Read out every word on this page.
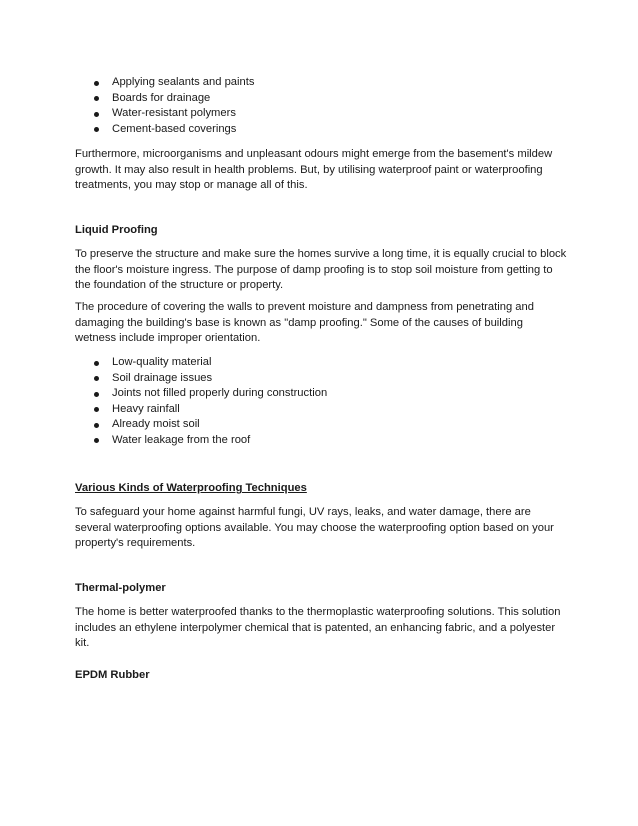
Applying sealants and paints
Boards for drainage
Water-resistant polymers
Cement-based coverings

Furthermore, microorganisms and unpleasant odours might emerge from the basement's mildew growth. It may also result in health problems. But, by utilising waterproof paint or waterproofing treatments, you may stop or manage all of this.

Liquid Proofing

To preserve the structure and make sure the homes survive a long time, it is equally crucial to block the floor's moisture ingress. The purpose of damp proofing is to stop soil moisture from getting to the foundation of the structure or property.

The procedure of covering the walls to prevent moisture and dampness from penetrating and damaging the building's base is known as "damp proofing." Some of the causes of building wetness include improper orientation.

Low-quality material
Soil drainage issues
Joints not filled properly during construction
Heavy rainfall
Already moist soil
Water leakage from the roof
Various Kinds of Waterproofing Techniques

To safeguard your home against harmful fungi, UV rays, leaks, and water damage, there are several waterproofing options available. You may choose the waterproofing option based on your property's requirements.

Thermal-polymer

The home is better waterproofed thanks to the thermoplastic waterproofing solutions. This solution includes an ethylene interpolymer chemical that is patented, an enhancing fabric, and a polyester kit.

EPDM Rubber
